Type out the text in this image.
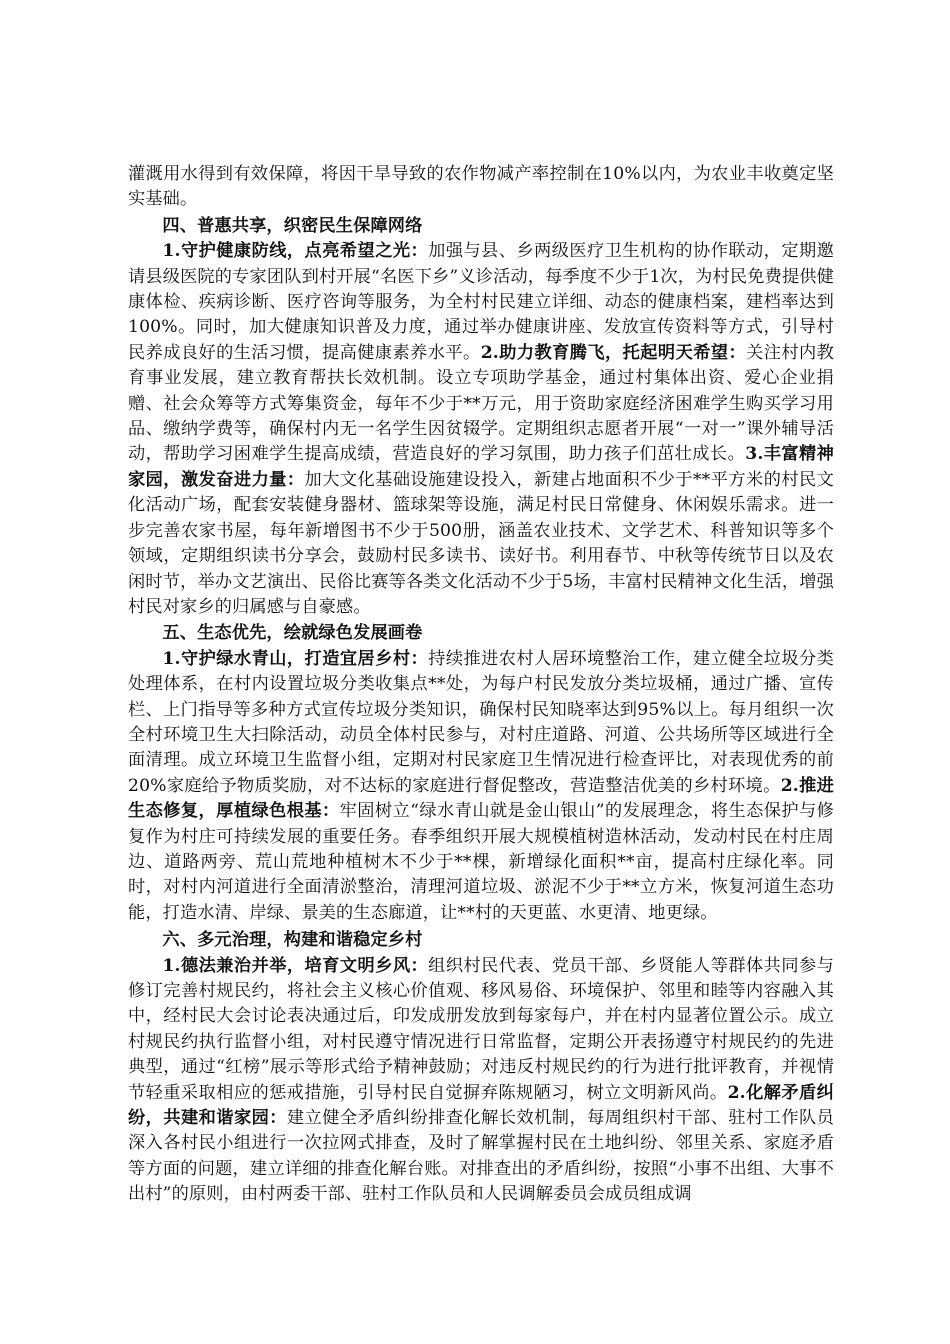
灌溉用水得到有效保障，将因干旱导致的农作物减产率控制在10%以内，为农业丰收奠定坚实基础。

四、普惠共享，织密民生保障网络

1.守护健康防线，点亮希望之光：加强与县、乡两级医疗卫生机构的协作联动，定期邀请县级医院的专家团队到村开展“名医下乡”义诊活动，每季度不少于1次，为村民免费提供健康体检、疾病诊断、医疗咨询等服务，为全村村民建立详细、动态的健康档案，建档率达到100%。同时，加大健康知识普及力度，通过举办健康讲座、发放宣传资料等方式，引导村民养成良好的生活习惯，提高健康素养水平。2.助力教育腾飞，托起明天希望：关注村内教育事业发展，建立教育帮扶长效机制。设立专项助学基金，通过村集体出资、爱心企业捐赠、社会众筹等方式筹集资金，每年不少于**万元，用于资助家庭经济困难学生购买学习用品、缴纳学费等，确保村内无一名学生因贫辍学。定期组织志愿者开展“一对一”课外辅导活动，帮助学习困难学生提高成绩，营造良好的学习氛围，助力孩子们茁壮成长。3.丰富精神家园，激发奋进力量：加大文化基础设施建设投入，新建占地面积不少于**平方米的村民文化活动广场，配套安装健身器材、篮球架等设施，满足村民日常健身、休闲娱乐需求。进一步完善农家书屋，每年新增图书不少于500册，涵盖农业技术、文学艺术、科普知识等多个领域，定期组织读书分享会，鼓励村民多读书、读好书。利用春节、中秋等传统节日以及农闲时节，举办文艺演出、民俗比赛等各类文化活动不少于5场，丰富村民精神文化生活，增强村民对家乡的归属感与自豪感。

五、生态优先，绘就绿色发展画卷

1.守护绿水青山，打造宜居乡村：持续推进农村人居环境整治工作，建立健全垃圾分类处理体系，在村内设置垃圾分类收集点**处，为每户村民发放分类垃圾桶，通过广播、宣传栏、上门指导等多种方式宣传垃圾分类知识，确保村民知晓率达到95%以上。每月组织一次全村环境卫生大扫除活动，动员全体村民参与，对村庄道路、河道、公共场所等区域进行全面清理。成立环境卫生监督小组，定期对村民家庭卫生情况进行检查评比，对表现优秀的前20%家庭给予物质奖励，对不达标的家庭进行督促整改，营造整洁优美的乡村环境。2.推进生态修复，厚植绿色根基：牢固树立“绿水青山就是金山银山”的发展理念，将生态保护与修复作为村庄可持续发展的重要任务。春季组织开展大规模植树造林活动，发动村民在村庄周边、道路两旁、荒山荒地种植树木不少于**棵，新增绿化面积**亩，提高村庄绿化率。同时，对村内河道进行全面清淤整治，清理河道垃圾、淤泥不少于**立方米，恢复河道生态功能，打造水清、岸绿、景美的生态廊道，让**村的天更蓝、水更清、地更绿。

六、多元治理，构建和谐稳定乡村

1.德法兼治并举，培育文明乡风：组织村民代表、党员干部、乡贤能人等群体共同参与修订完善村规民约，将社会主义核心价值观、移风易俗、环境保护、邻里和睦等内容融入其中，经村民大会讨论表决通过后，印发成册发放到每家每户，并在村内显著位置公示。成立村规民约执行监督小组，对村民遵守情况进行日常监督，定期公开表扬遵守村规民约的先进典型，通过“红榜”展示等形式给予精神鼓励；对违反村规民约的行为进行批评教育，并视情节轻重采取相应的惩戒措施，引导村民自觉摒弃陈规陋习，树立文明新风尚。2.化解矛盾纠纷，共建和谐家园：建立健全矛盾纠纷排查化解长效机制，每周组织村干部、驻村工作队员深入各村民小组进行一次拉网式排查，及时了解掌握村民在土地纠纷、邻里关系、家庭矛盾等方面的问题，建立详细的排查化解台账。对排查出的矛盾纠纷，按照“小事不出组、大事不出村”的原则，由村两委干部、驻村工作队员和人民调解委员会成员组成调
